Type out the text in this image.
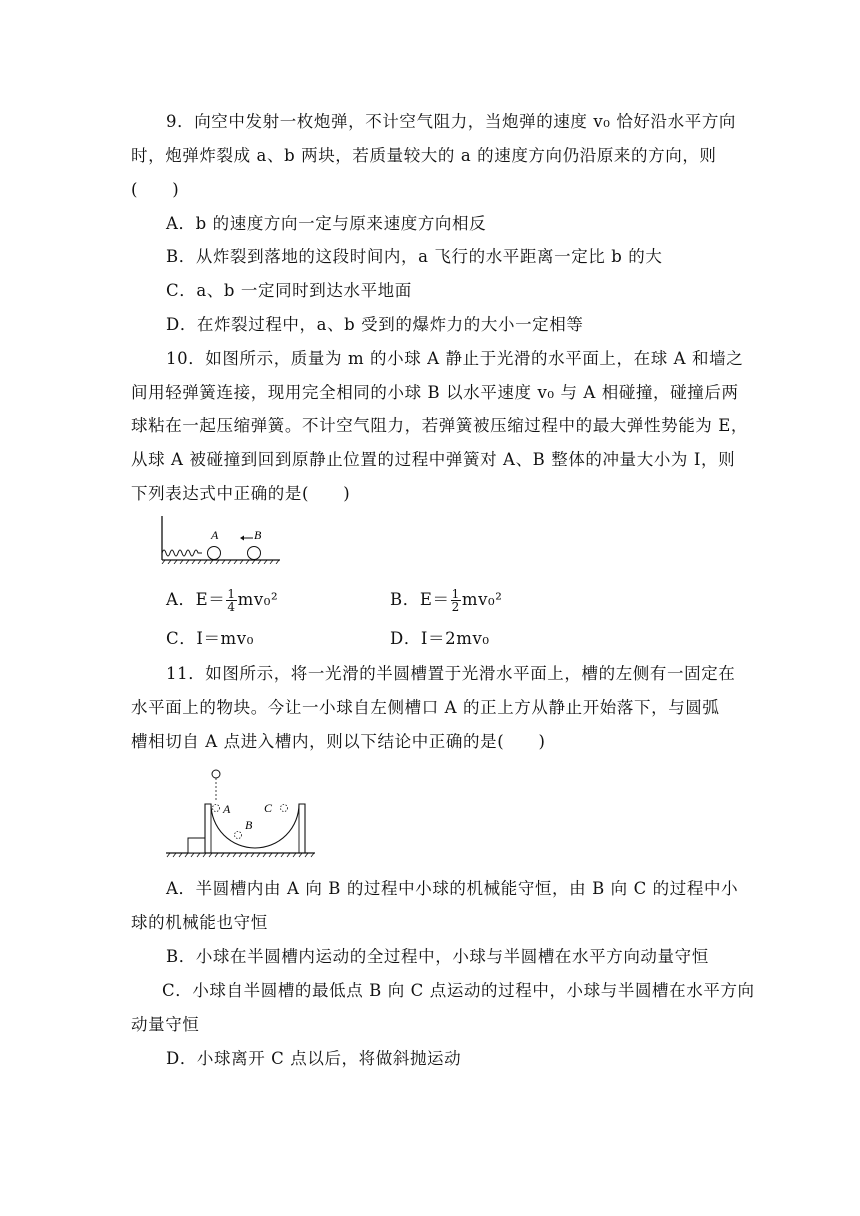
9．向空中发射一枚炮弹，不计空气阻力，当炮弹的速度 v₀ 恰好沿水平方向
时，炮弹炸裂成 a、b 两块，若质量较大的 a 的速度方向仍沿原来的方向，则
(　　)
A．b 的速度方向一定与原来速度方向相反
B．从炸裂到落地的这段时间内，a 飞行的水平距离一定比 b 的大
C．a、b 一定同时到达水平地面
D．在炸裂过程中，a、b 受到的爆炸力的大小一定相等
10．如图所示，质量为 m 的小球 A 静止于光滑的水平面上，在球 A 和墙之
间用轻弹簧连接，现用完全相同的小球 B 以水平速度 v₀ 与 A 相碰撞，碰撞后两
球粘在一起压缩弹簧。不计空气阻力，若弹簧被压缩过程中的最大弹性势能为 E，
从球 A 被碰撞到回到原静止位置的过程中弹簧对 A、B 整体的冲量大小为 I，则
下列表达式中正确的是(　　)
A	B
A．$E= \frac{1}{4} mv_0^2$	B．$E= \frac{1}{2} mv_0^2$
C．I＝mv₀	D．I＝2mv₀
11．如图所示，将一光滑的半圆槽置于光滑水平面上，槽的左侧有一固定在
水平面上的物块。今让一小球自左侧槽口 A 的正上方从静止开始落下，与圆弧
槽相切自 A 点进入槽内，则以下结论中正确的是(　　)
A
B
C
A．半圆槽内由 A 向 B 的过程中小球的机械能守恒，由 B 向 C 的过程中小
球的机械能也守恒
B．小球在半圆槽内运动的全过程中，小球与半圆槽在水平方向动量守恒
C．小球自半圆槽的最低点 B 向 C 点运动的过程中，小球与半圆槽在水平方向
动量守恒
D．小球离开 C 点以后，将做斜抛运动
